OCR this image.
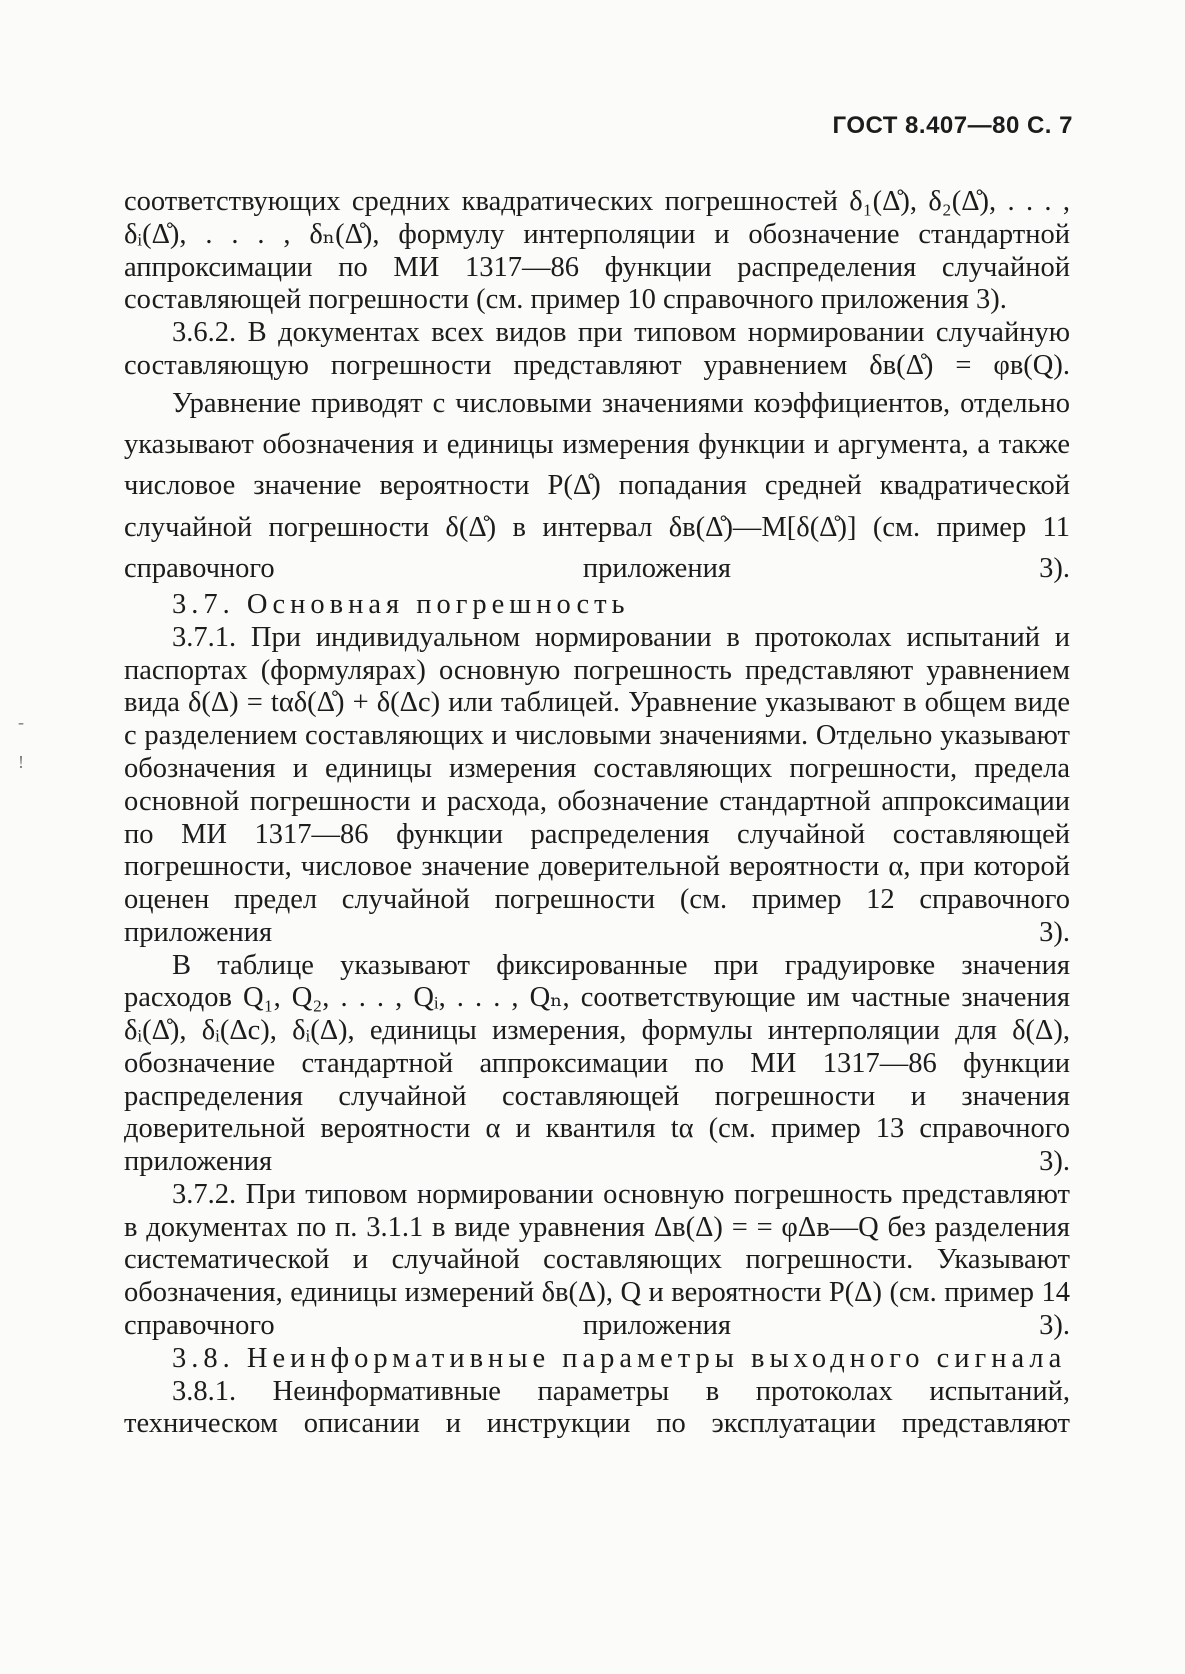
ГОСТ 8.407—80 С. 7
-
!

соответствующих средних квадратических погрешностей δ₁(Δ̊), δ₂(Δ̊), . . . , δᵢ(Δ̊), . . . , δₙ(Δ̊), формулу интерполяции и обозначение стандартной аппроксимации по МИ 1317—86 функции распределения случайной составляющей погрешности (см. пример 10 справочного приложения 3).

3.6.2. В документах всех видов при типовом нормировании случайную составляющую погрешности представляют уравнением δв(Δ̊) = φв(Q).

Уравнение приводят с числовыми значениями коэффициентов, отдельно указывают обозначения и единицы измерения функции и аргумента, а также числовое значение вероятности P(Δ̊) попадания средней квадратической случайной погрешности δ(Δ̊) в интервал δв(Δ̊)—M[δ(Δ̊)] (см. пример 11 справочного приложения 3).

3.7. Основная погрешность

3.7.1. При индивидуальном нормировании в протоколах испытаний и паспортах (формулярах) основную погрешность представляют уравнением вида δ(Δ) = tαδ(Δ̊) + δ(Δc) или таблицей. Уравнение указывают в общем виде с разделением составляющих и числовыми значениями. Отдельно указывают обозначения и единицы измерения составляющих погрешности, предела основной погрешности и расхода, обозначение стандартной аппроксимации по МИ 1317—86 функции распределения случайной составляющей погрешности, числовое значение доверительной вероятности α, при которой оценен предел случайной погрешности (см. пример 12 справочного приложения 3).

В таблице указывают фиксированные при градуировке значения расходов Q₁, Q₂, . . . , Qᵢ, . . . , Qₙ, соответствующие им частные значения δᵢ(Δ̊), δᵢ(Δc), δᵢ(Δ), единицы измерения, формулы интерполяции для δ(Δ), обозначение стандартной аппроксимации по МИ 1317—86 функции распределения случайной составляющей погрешности и значения доверительной вероятности α и квантиля tα (см. пример 13 справочного приложения 3).

3.7.2. При типовом нормировании основную погрешность представляют в документах по п. 3.1.1 в виде уравнения Δв(Δ) = = φΔв—Q без разделения систематической и случайной составляющих погрешности. Указывают обозначения, единицы измерений δв(Δ), Q и вероятности P(Δ) (см. пример 14 справочного приложения 3).

3.8. Неинформативные параметры выходного сигнала

3.8.1. Неинформативные параметры в протоколах испытаний, техническом описании и инструкции по эксплуатации представляют
